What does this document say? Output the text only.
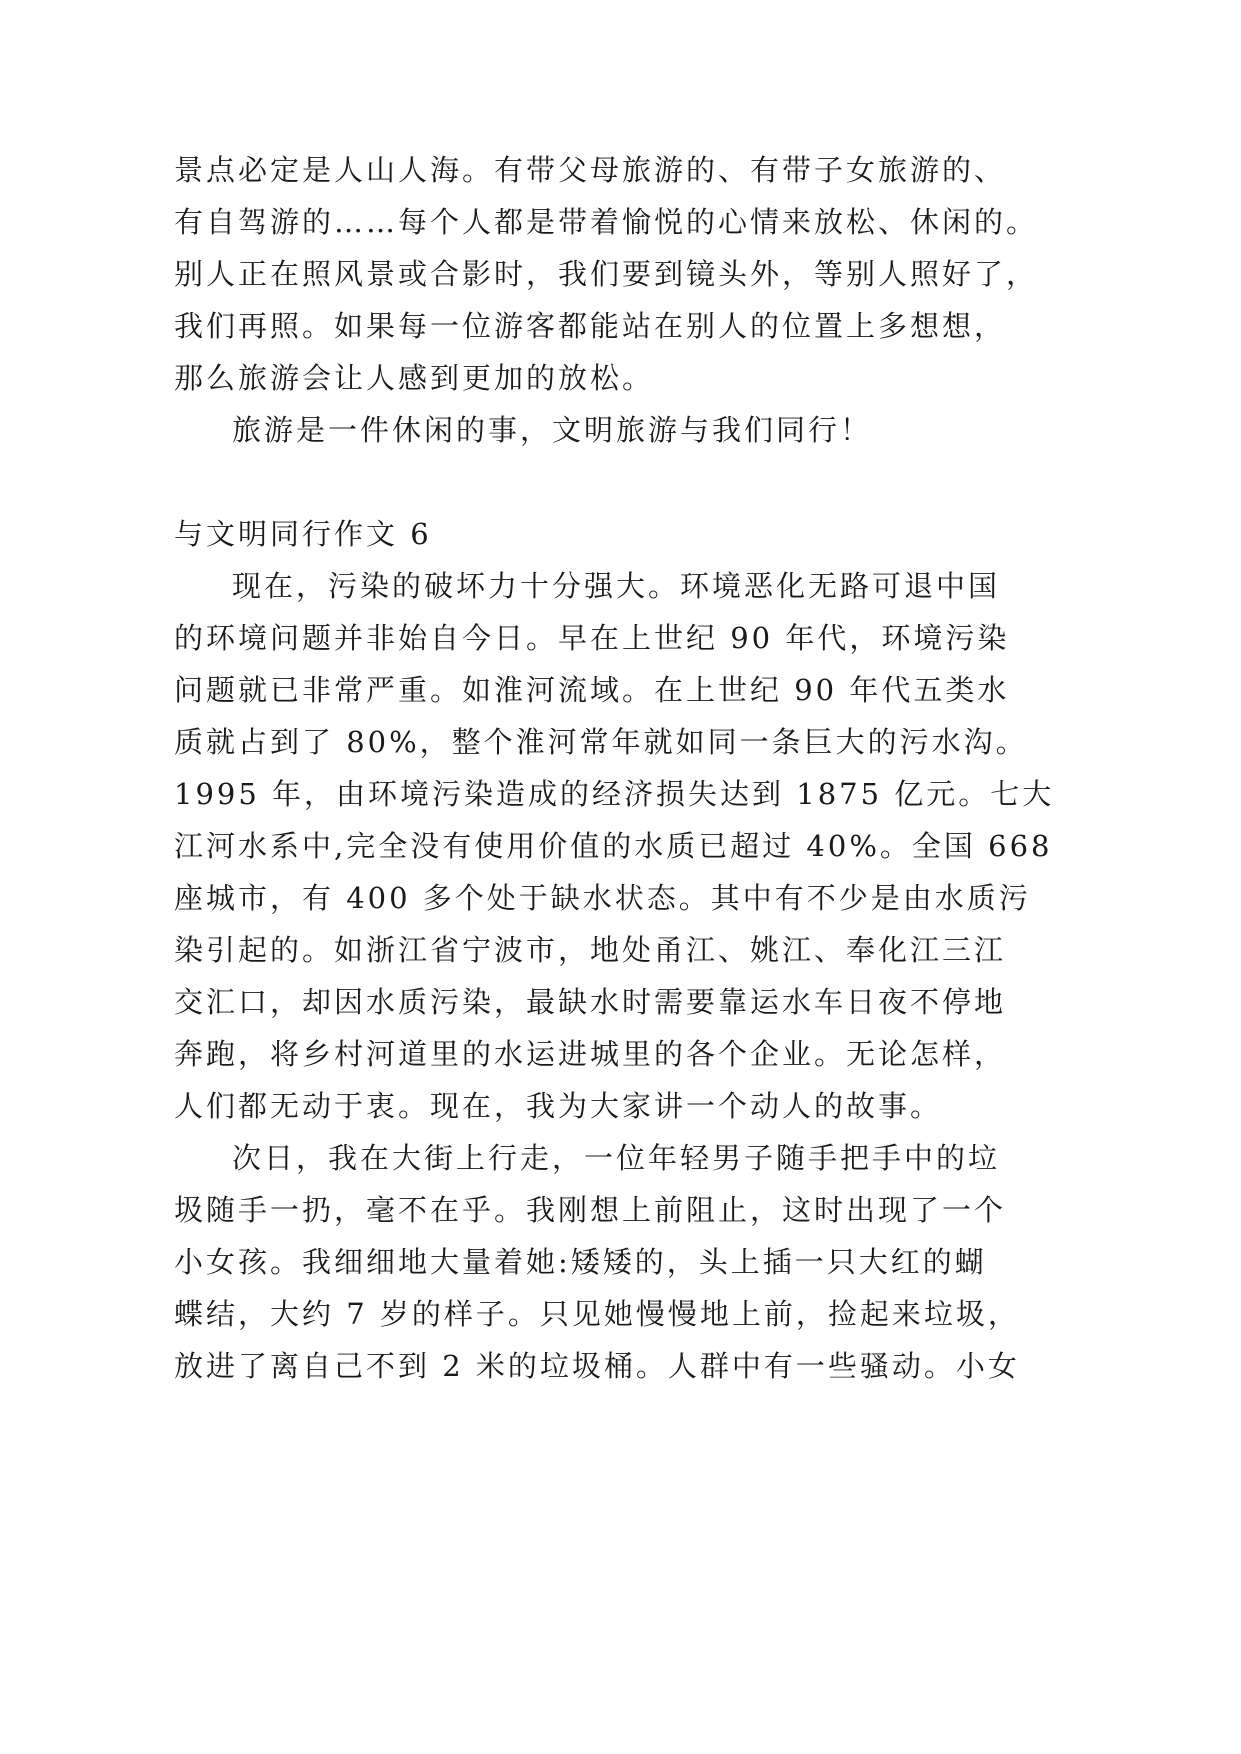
景点必定是人山人海。有带父母旅游的、有带子女旅游的、
有自驾游的……每个人都是带着愉悦的心情来放松、休闲的。
别人正在照风景或合影时，我们要到镜头外，等别人照好了，
我们再照。如果每一位游客都能站在别人的位置上多想想，
那么旅游会让人感到更加的放松。
旅游是一件休闲的事，文明旅游与我们同行！
与文明同行作文 6
现在，污染的破坏力十分强大。环境恶化无路可退中国
的环境问题并非始自今日。早在上世纪 90 年代，环境污染
问题就已非常严重。如淮河流域。在上世纪 90 年代五类水
质就占到了 80%，整个淮河常年就如同一条巨大的污水沟。
1995 年，由环境污染造成的经济损失达到 1875 亿元。七大
江河水系中,完全没有使用价值的水质已超过 40%。全国 668
座城市，有 400 多个处于缺水状态。其中有不少是由水质污
染引起的。如浙江省宁波市，地处甬江、姚江、奉化江三江
交汇口，却因水质污染，最缺水时需要靠运水车日夜不停地
奔跑，将乡村河道里的水运进城里的各个企业。无论怎样，
人们都无动于衷。现在，我为大家讲一个动人的故事。
次日，我在大街上行走，一位年轻男子随手把手中的垃
圾随手一扔，毫不在乎。我刚想上前阻止，这时出现了一个
小女孩。我细细地大量着她:矮矮的，头上插一只大红的蝴
蝶结，大约 7 岁的样子。只见她慢慢地上前，捡起来垃圾，
放进了离自己不到 2 米的垃圾桶。人群中有一些骚动。小女
